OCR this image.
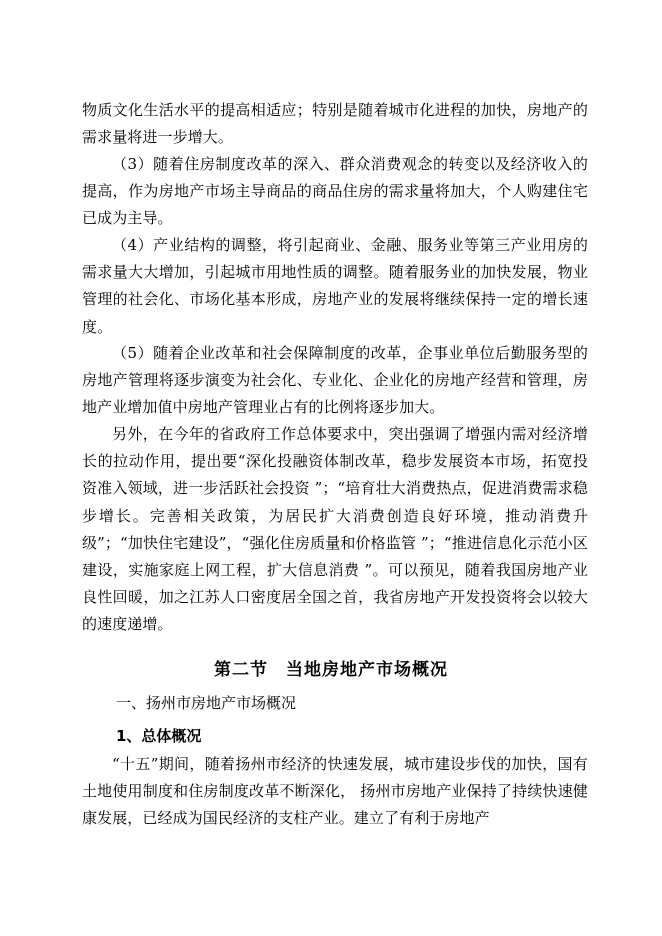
物质文化生活水平的提高相适应；特别是随着城市化进程的加快，房地产的需求量将进一步增大。

（3）随着住房制度改革的深入、群众消费观念的转变以及经济收入的提高，作为房地产市场主导商品的商品住房的需求量将加大，个人购建住宅已成为主导。

（4）产业结构的调整，将引起商业、金融、服务业等第三产业用房的需求量大大增加，引起城市用地性质的调整。随着服务业的加快发展，物业管理的社会化、市场化基本形成，房地产业的发展将继续保持一定的增长速度。

（5）随着企业改革和社会保障制度的改革，企事业单位后勤服务型的房地产管理将逐步演变为社会化、专业化、企业化的房地产经营和管理，房地产业增加值中房地产管理业占有的比例将逐步加大。

另外，在今年的省政府工作总体要求中，突出强调了增强内需对经济增长的拉动作用，提出要“深化投融资体制改革，稳步发展资本市场，拓宽投资准入领域，进一步活跃社会投资 ”；“培育壮大消费热点，促进消费需求稳步增长。完善相关政策，为居民扩大消费创造良好环境，推动消费升级”；“加快住宅建设”，“强化住房质量和价格监管 ”；“推进信息化示范小区建设，实施家庭上网工程，扩大信息消费 ”。可以预见，随着我国房地产业良性回暖，加之江苏人口密度居全国之首，我省房地产开发投资将会以较大的速度递增。

第二节　当地房地产市场概况

一、扬州市房地产市场概况

1、总体概况

“十五”期间，随着扬州市经济的快速发展，城市建设步伐的加快，国有土地使用制度和住房制度改革不断深化， 扬州市房地产业保持了持续快速健康发展，已经成为国民经济的支柱产业。建立了有利于房地产
